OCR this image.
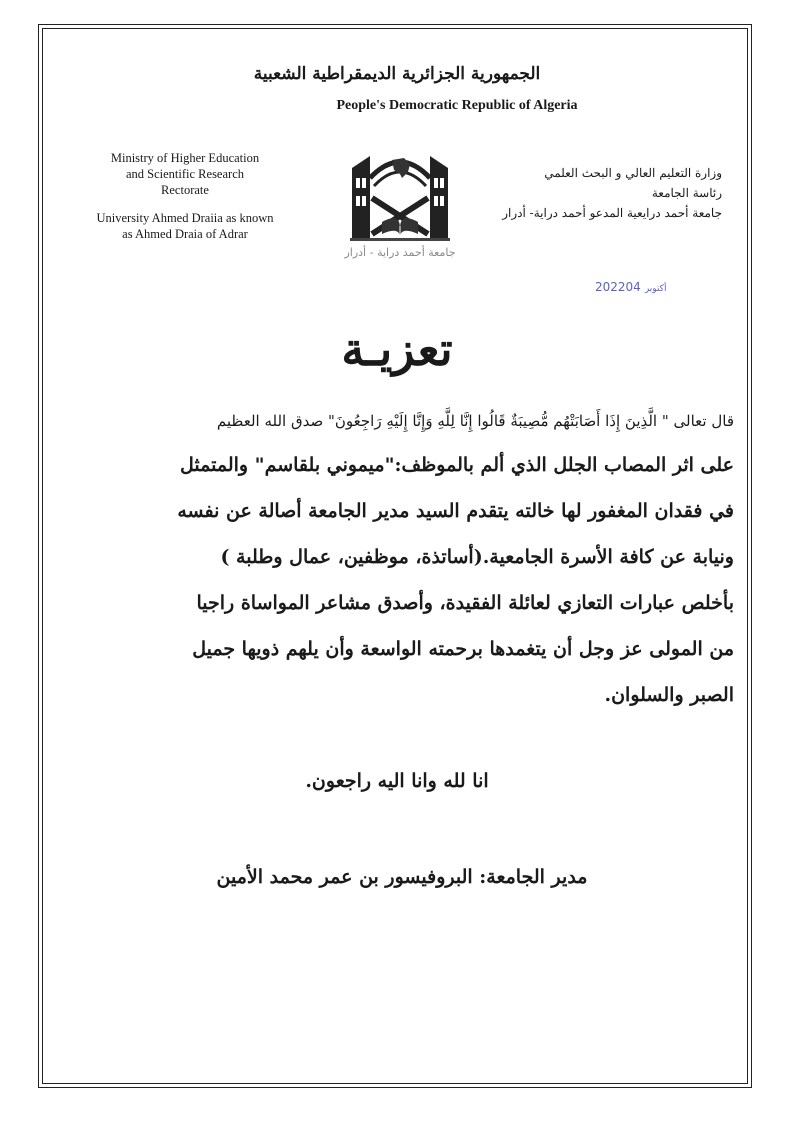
الجمهورية الجزائرية الديمقراطية الشعبية
People's Democratic Republic of Algeria
Ministry of Higher Education
and Scientific Research
Rectorate
University Ahmed Draiia as known
as Ahmed Draia of Adrar
وزارة التعليم العالي و البحث العلمي
رئاسة الجامعة
جامعة أحمد درايعية المدعو أحمد دراية- أدرار
جامعة أحمد دراية - أدرار
2022 أكتوبر04
تعزيـة
قال تعالى " الَّذِينَ إِذَا أَصَابَتْهُم مُّصِيبَةٌ قَالُوا إِنَّا لِلَّهِ وَإِنَّا إِلَيْهِ رَاجِعُونَ" صدق الله العظيم

على اثر المصاب الجلل الذي ألم بالموظف:"ميموني بلقاسم" والمتمثل

في فقدان المغفور لها خالته يتقدم السيد مدير الجامعة أصالة عن نفسه

ونيابة عن كافة الأسرة الجامعية.(أساتذة، موظفين، عمال وطلبة )

بأخلص عبارات التعازي لعائلة الفقيدة، وأصدق مشاعر المواساة راجيا

من المولى عز وجل أن يتغمدها برحمته الواسعة وأن يلهم ذويها جميل

الصبر والسلوان.

انا لله وانا اليه راجعون.
مدير الجامعة: البروفيسور بن عمر محمد الأمين
